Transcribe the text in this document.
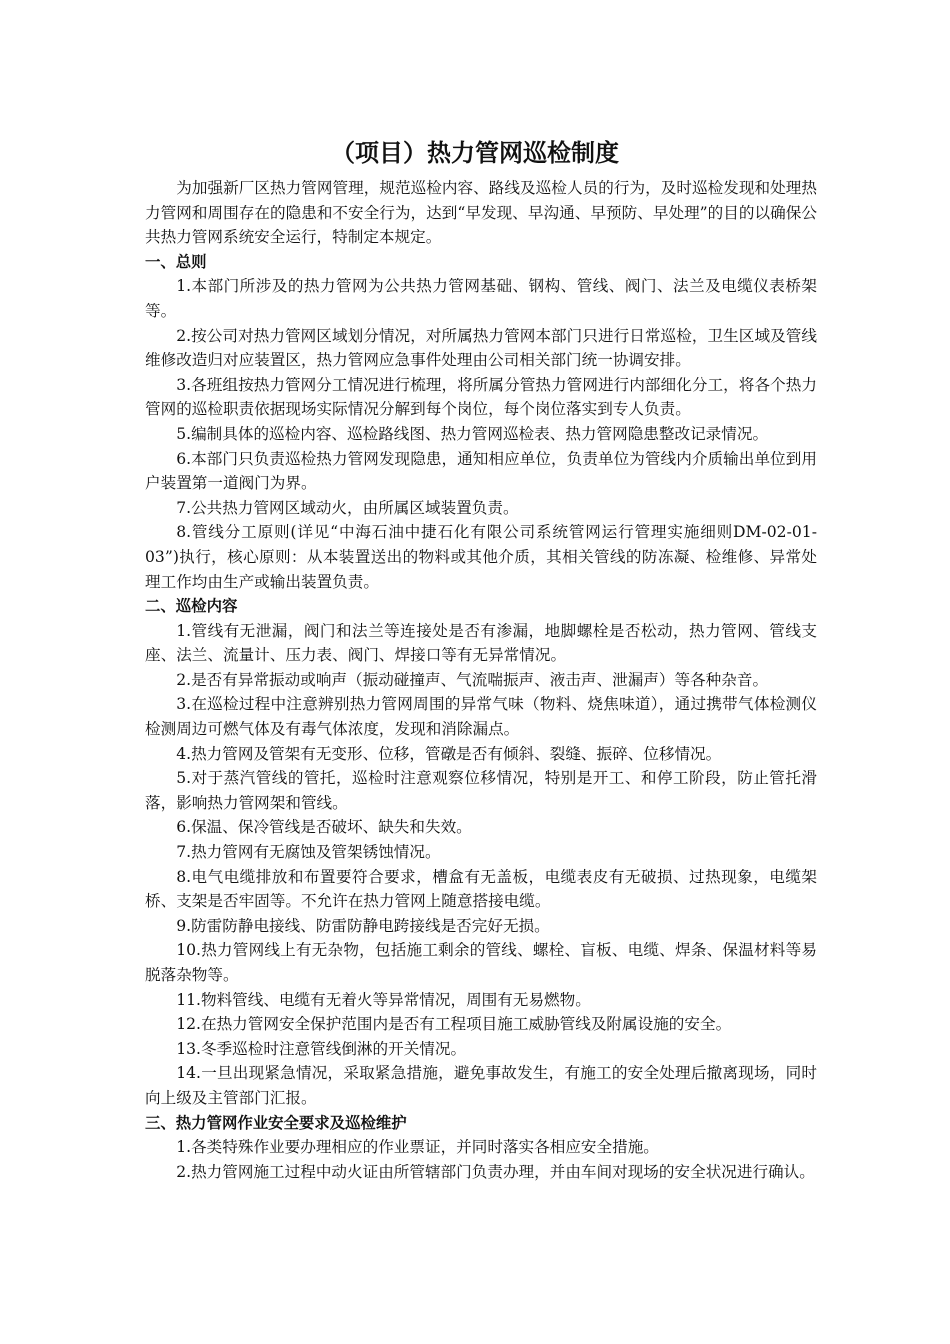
（项目）热力管网巡检制度

为加强新厂区热力管网管理，规范巡检内容、路线及巡检人员的行为，及时巡检发现和处理热力管网和周围存在的隐患和不安全行为，达到“早发现、早沟通、早预防、早处理”的目的以确保公共热力管网系统安全运行，特制定本规定。

一、总则

1.本部门所涉及的热力管网为公共热力管网基础、钢构、管线、阀门、法兰及电缆仪表桥架等。

2.按公司对热力管网区域划分情况，对所属热力管网本部门只进行日常巡检，卫生区域及管线维修改造归对应装置区，热力管网应急事件处理由公司相关部门统一协调安排。

3.各班组按热力管网分工情况进行梳理，将所属分管热力管网进行内部细化分工，将各个热力管网的巡检职责依据现场实际情况分解到每个岗位，每个岗位落实到专人负责。

5.编制具体的巡检内容、巡检路线图、热力管网巡检表、热力管网隐患整改记录情况。

6.本部门只负责巡检热力管网发现隐患，通知相应单位，负责单位为管线内介质输出单位到用户装置第一道阀门为界。

7.公共热力管网区域动火，由所属区域装置负责。

8.管线分工原则(详见“中海石油中捷石化有限公司系统管网运行管理实施细则DM-02-01-03”)执行，核心原则：从本装置送出的物料或其他介质，其相关管线的防冻凝、检维修、异常处理工作均由生产或输出装置负责。

二、巡检内容

1.管线有无泄漏，阀门和法兰等连接处是否有渗漏，地脚螺栓是否松动，热力管网、管线支座、法兰、流量计、压力表、阀门、焊接口等有无异常情况。

2.是否有异常振动或响声（振动碰撞声、气流喘振声、液击声、泄漏声）等各种杂音。

3.在巡检过程中注意辨别热力管网周围的异常气味（物料、烧焦味道），通过携带气体检测仪检测周边可燃气体及有毒气体浓度，发现和消除漏点。

4.热力管网及管架有无变形、位移，管礅是否有倾斜、裂缝、振碎、位移情况。

5.对于蒸汽管线的管托，巡检时注意观察位移情况，特别是开工、和停工阶段，防止管托滑落，影响热力管网架和管线。

6.保温、保冷管线是否破坏、缺失和失效。

7.热力管网有无腐蚀及管架锈蚀情况。

8.电气电缆排放和布置要符合要求，槽盒有无盖板，电缆表皮有无破损、过热现象，电缆架桥、支架是否牢固等。不允许在热力管网上随意搭接电缆。

9.防雷防静电接线、防雷防静电跨接线是否完好无损。

10.热力管网线上有无杂物，包括施工剩余的管线、螺栓、盲板、电缆、焊条、保温材料等易脱落杂物等。

11.物料管线、电缆有无着火等异常情况，周围有无易燃物。

12.在热力管网安全保护范围内是否有工程项目施工威胁管线及附属设施的安全。

13.冬季巡检时注意管线倒淋的开关情况。

14.一旦出现紧急情况，采取紧急措施，避免事故发生，有施工的安全处理后撤离现场，同时向上级及主管部门汇报。

三、热力管网作业安全要求及巡检维护

1.各类特殊作业要办理相应的作业票证，并同时落实各相应安全措施。

2.热力管网施工过程中动火证由所管辖部门负责办理，并由车间对现场的安全状况进行确认。
